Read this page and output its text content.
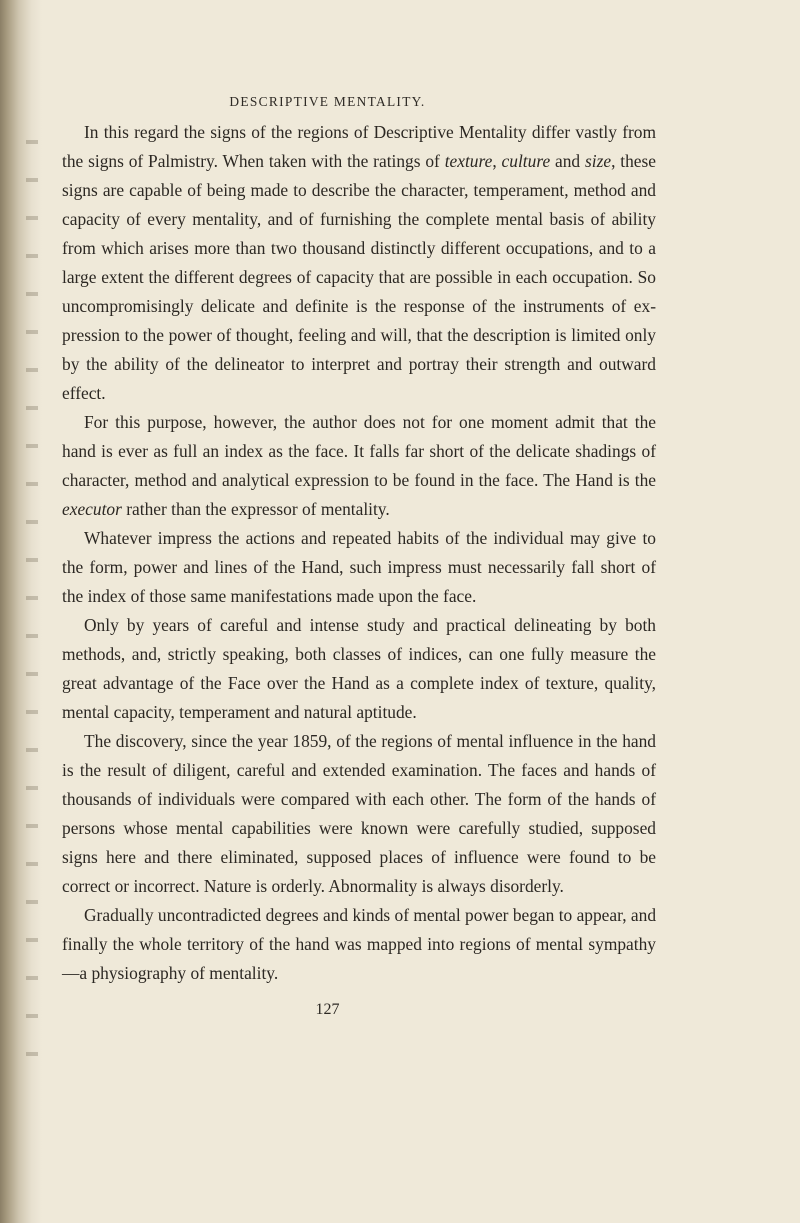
DESCRIPTIVE MENTALITY.

In this regard the signs of the regions of Descriptive Mentality differ vastly from the signs of Palmistry. When taken with the ratings of texture, culture and size, these signs are capable of being made to describe the character, temperament, method and capacity of every mentality, and of furnishing the complete mental basis of ability from which arises more than two thousand distinctly different occupations, and to a large extent the different degrees of capacity that are possible in each occupation. So uncompromisingly delicate and definite is the response of the instruments of expression to the power of thought, feeling and will, that the description is limited only by the ability of the delineator to interpret and portray their strength and outward effect.

For this purpose, however, the author does not for one moment admit that the hand is ever as full an index as the face. It falls far short of the delicate shadings of character, method and analytical expression to be found in the face. The Hand is the executor rather than the expressor of mentality.

Whatever impress the actions and repeated habits of the individual may give to the form, power and lines of the Hand, such impress must necessarily fall short of the index of those same manifestations made upon the face.

Only by years of careful and intense study and practical delineating by both methods, and, strictly speaking, both classes of indices, can one fully measure the great advantage of the Face over the Hand as a complete index of texture, quality, mental capacity, temperament and natural aptitude.

The discovery, since the year 1859, of the regions of mental influence in the hand is the result of diligent, careful and extended examination. The faces and hands of thousands of individuals were compared with each other. The form of the hands of persons whose mental capabilities were known were carefully studied, supposed signs here and there eliminated, supposed places of influence were found to be correct or incorrect. Nature is orderly. Abnormality is always disorderly.

Gradually uncontradicted degrees and kinds of mental power began to appear, and finally the whole territory of the hand was mapped into regions of mental sympathy—a physiography of mentality.

127
